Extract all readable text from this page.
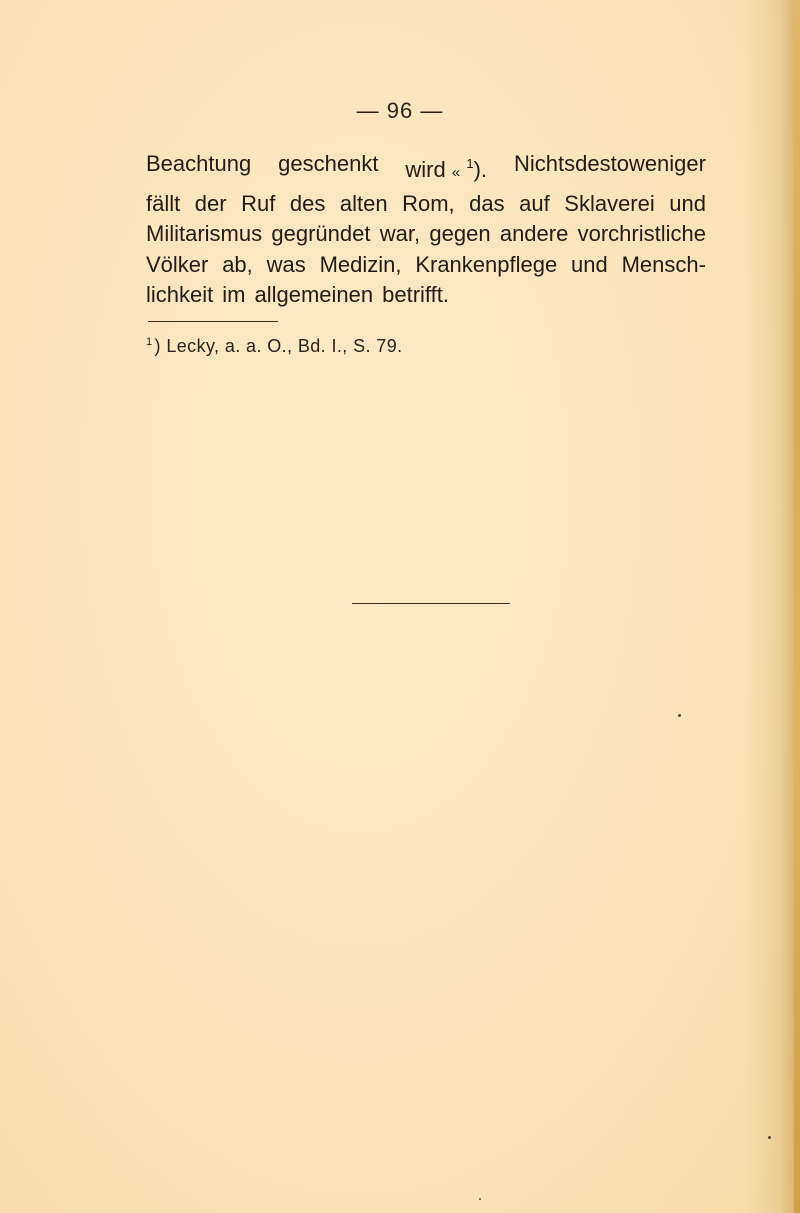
— 96 —
Beachtung geschenkt wird « $^1$). Nichtsdestoweniger
fällt der Ruf des alten Rom, das auf Sklaverei und
Militarismus gegründet war, gegen andere vorchristliche
Völker ab, was Medizin, Krankenpflege und Mensch-
lichkeit im allgemeinen betrifft.
$^1$ ) Lecky, a. a. O., Bd. I., S. 79.
